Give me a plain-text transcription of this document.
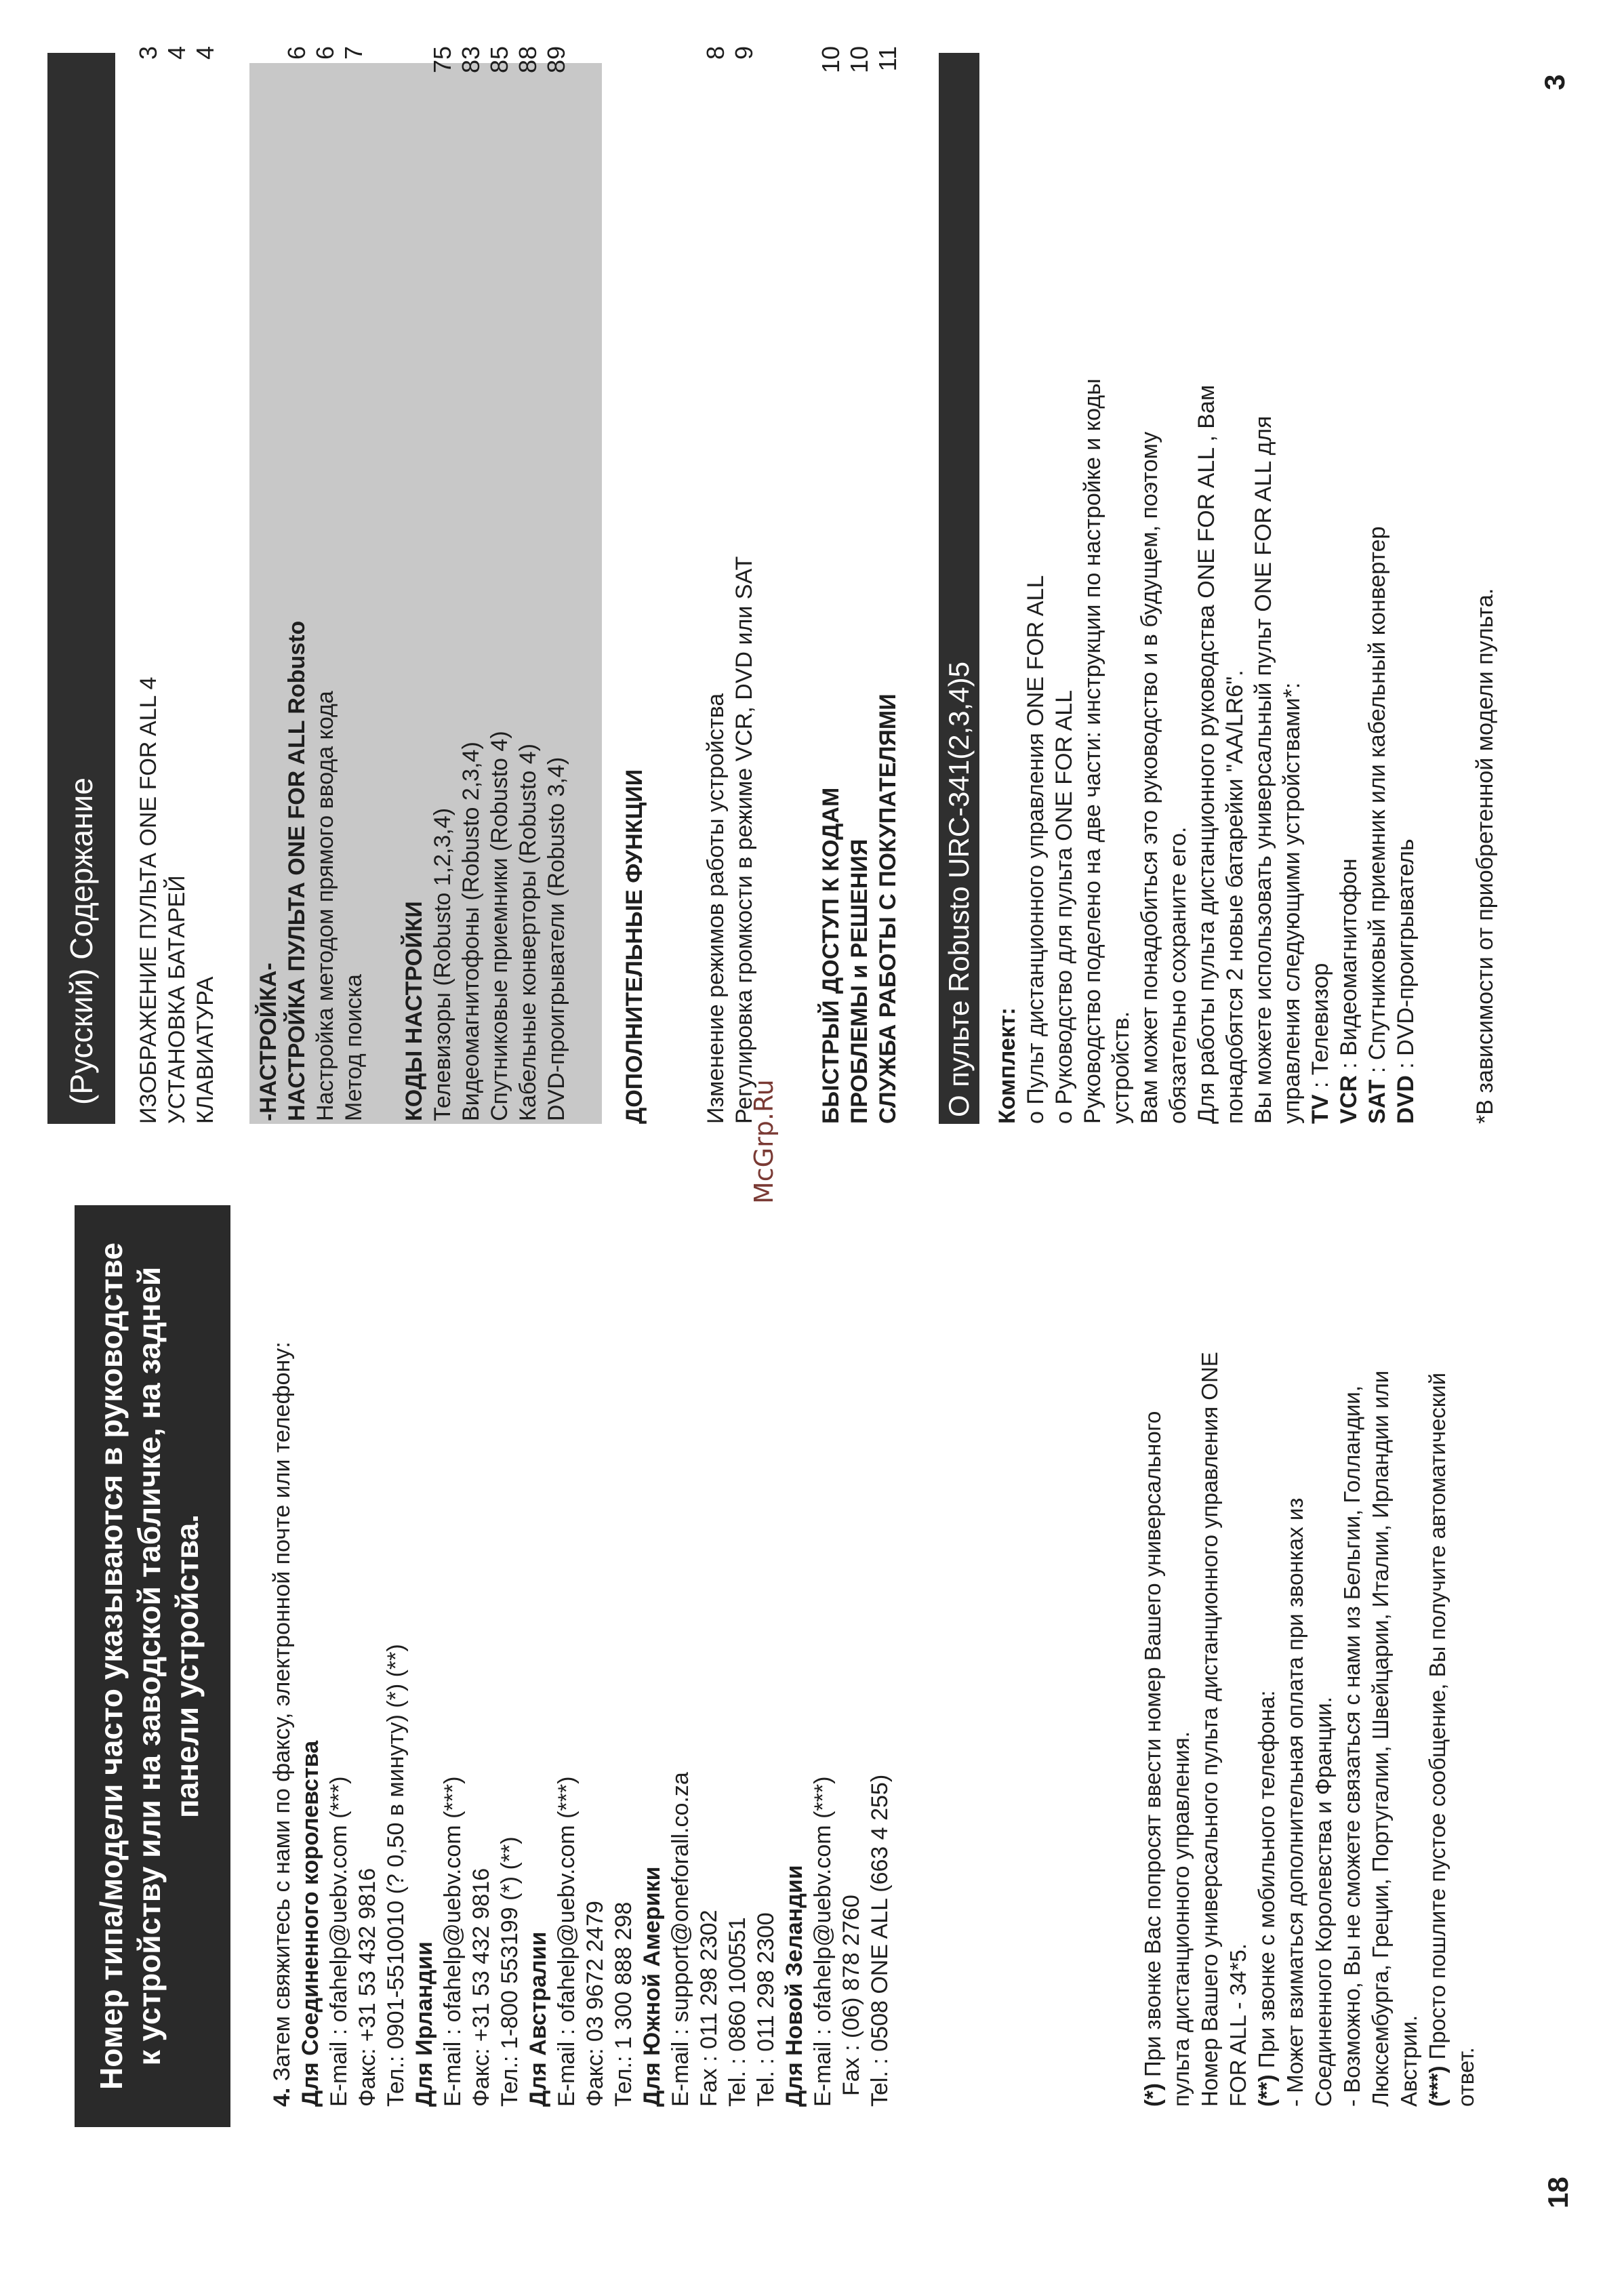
Номер типа/модели часто указываются в руководстве к устройству или на заводской табличке, на задней панели устройства.
4. Затем свяжитесь с нами по факсу, электронной почте или телефону: Для Соединенного королевства E-mail : ofahelp@uebv.com (***) Факс: +31 53 432 9816 Тел.: 0901-5510010 (? 0,50 в минуту) (*) (**) Для Ирландии E-mail : ofahelp@uebv.com (***) Факс: +31 53 432 9816 Тел.: 1-800 553199 (*) (**) Для Австралии E-mail : ofahelp@uebv.com (***) Факс: 03 9672 2479 Тел.: 1 300 888 298 Для Южной Америки E-mail : support@oneforall.co.za Fax : 011 298 2302 Tel. : 0860 100551 Tel. : 011 298 2300 Для Новой Зеландии E-mail : ofahelp@uebv.com (***) Fax : (06) 878 2760 Tel. : 0508 ONE ALL (663 4 255)	(*) При звонке Вас попросят ввести номер Вашего универсального пульта дистанционного управления. Номер Вашего универсального пульта дистанционного управления ONE FOR ALL - 34*5. (**) При звонке с мобильного телефона: - Может взиматься дополнительная оплата при звонках из Соединенного Королевства и Франции. - Возможно, Вы не сможете связаться с нами из Бельгии, Голландии, Люксембурга, Греции, Португалии, Швейцарии, Италии, Ирландии или Австрии. (***) Просто пошлите пустое сообщение, Вы получите автоматический
ответ.
18
McGrp.Ru
(Русский) Содержание	ИЗОБРАЖЕНИЕ ПУЛЬТА ONE FOR ALL 4
3
УСТАНОВКА БАТАРЕЙ
4
КЛАВИАТУРА
4
-НАСТРОЙКА- НАСТРОЙКА ПУЛЬТА ONE FOR ALL Robusto
6
Настройка методом прямого ввода кода
6
Метод поиска
7
КОДЫ НАСТРОЙКИ Телевизоры (Robusto 1,2,3,4)
75
Видеомагнитофоны (Robusto 2,3,4)
83
Спутниковые приемники (Robusto 4)
85
Кабельные конверторы (Robusto 4)
88
DVD-проигрыватели (Robusto 3,4)
89
ДОПОЛНИТЕЛЬНЫЕ ФУНКЦИИ Изменение режимов работы устройства
8
Регулировка громкости в режиме VCR, DVD или SAT
9
БЫСТРЫЙ ДОСТУП К КОДАМ
10
ПРОБЛЕМЫ и РЕШЕНИЯ
10
СЛУЖБА РАБОТЫ С ПОКУПАТЕЛЯМИ
11
О пульте Robusto URC-341(2,3,4)5 Комплект: о Пульт дистанционного управления ONE FOR ALL о Руководство для пульта ONE FOR ALL Руководство поделено на две части: инструкции по настройке и коды устройств. Вам может понадобиться это руководство и в будущем, поэтому обязательно сохраните его. Для работы пульта дистанционного руководства ONE FOR ALL , Вам понадобятся 2 новые батарейки "AA/LR6". Вы можете использовать универсальный пульт ONE FOR ALL для управления следующими устройствами*: TV : Телевизор
VCR : Видеомагнитофон
SAT : Спутниковый приемник или кабельный конвертер
DVD : DVD-проигрыватель *В зависимости от приобретенной модели пульта.
3
